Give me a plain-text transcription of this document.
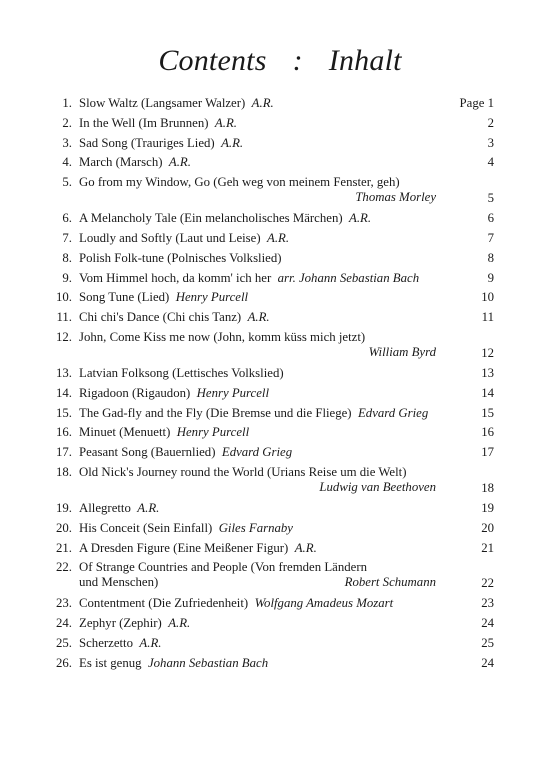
Contents : Inhalt
1. Slow Waltz (Langsamer Walzer) A.R.	Page 1
2. In the Well (Im Brunnen) A.R.	2
3. Sad Song (Trauriges Lied) A.R.	3
4. March (Marsch) A.R.	4
5. Go from my Window, Go (Geh weg von meinem Fenster, geh)
Thomas Morley	5
6. A Melancholy Tale (Ein melancholisches Märchen) A.R.	6
7. Loudly and Softly (Laut und Leise) A.R.	7
8. Polish Folk-tune (Polnisches Volkslied)	8
9. Vom Himmel hoch, da komm' ich her arr. Johann Sebastian Bach	9
10. Song Tune (Lied) Henry Purcell	10
11. Chi chi's Dance (Chi chis Tanz) A.R.	11
12. John, Come Kiss me now (John, komm küss mich jetzt)
William Byrd	12
13. Latvian Folksong (Lettisches Volkslied)	13
14. Rigadoon (Rigaudon) Henry Purcell	14
15. The Gad-fly and the Fly (Die Bremse und die Fliege) Edvard Grieg	15
16. Minuet (Menuett) Henry Purcell	16
17. Peasant Song (Bauernlied) Edvard Grieg	17
18. Old Nick's Journey round the World (Urians Reise um die Welt)
Ludwig van Beethoven	18
19. Allegretto A.R.	19
20. His Conceit (Sein Einfall) Giles Farnaby	20
21. A Dresden Figure (Eine Meißener Figur) A.R.	21
22. Of Strange Countries and People (Von fremden Ländern
und Menschen)	Robert Schumann	22
23. Contentment (Die Zufriedenheit) Wolfgang Amadeus Mozart	23
24. Zephyr (Zephir) A.R.	24
25. Scherzetto A.R.	25
26. Es ist genug Johann Sebastian Bach	24
